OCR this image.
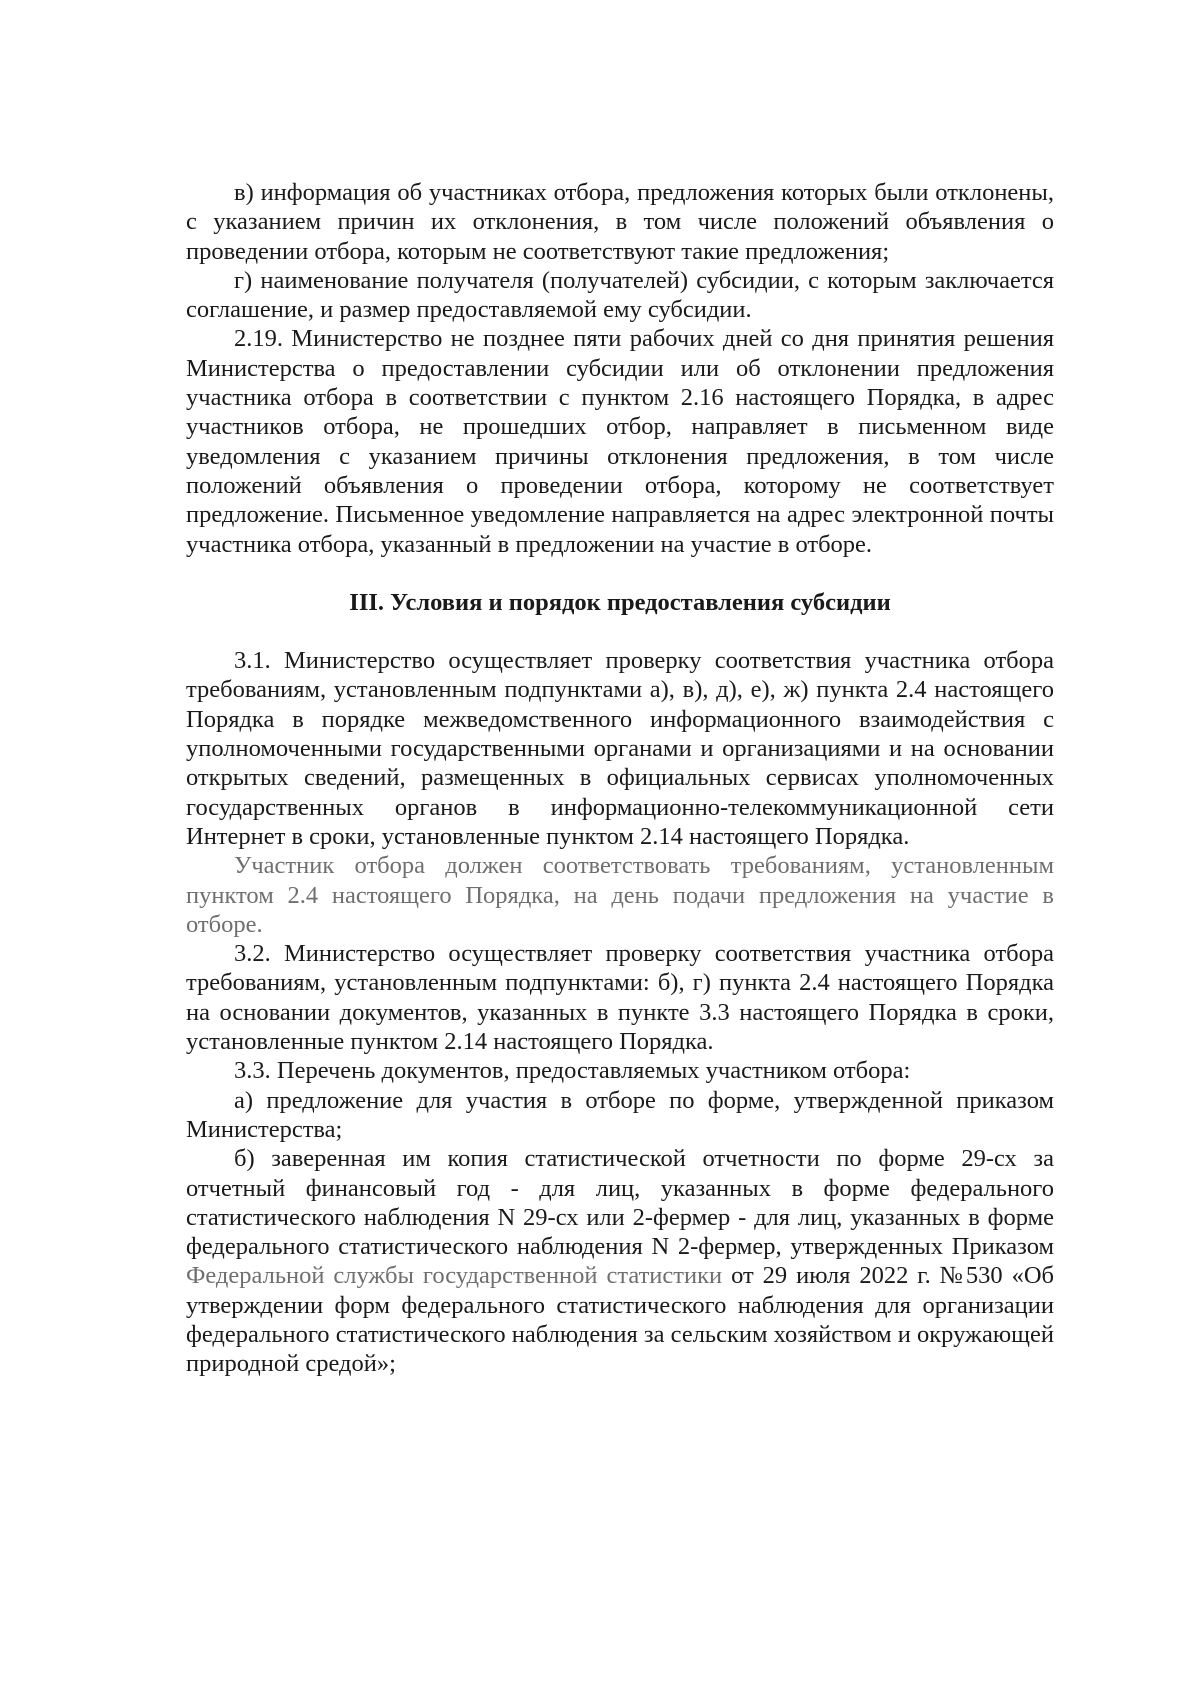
в) информация об участниках отбора, предложения которых были отклонены, с указанием причин их отклонения, в том числе положений объявления о проведении отбора, которым не соответствуют такие предложения;

г) наименование получателя (получателей) субсидии, с которым заключается соглашение, и размер предоставляемой ему субсидии.

2.19. Министерство не позднее пяти рабочих дней со дня принятия решения Министерства о предоставлении субсидии или об отклонении предложения участника отбора в соответствии с пунктом 2.16 настоящего Порядка, в адрес участников отбора, не прошедших отбор, направляет в письменном виде уведомления с указанием причины отклонения предложения, в том числе положений объявления о проведении отбора, которому не соответствует предложение. Письменное уведомление направляется на адрес электронной почты участника отбора, указанный в предложении на участие в отборе.

III. Условия и порядок предоставления субсидии

3.1. Министерство осуществляет проверку соответствия участника отбора требованиям, установленным подпунктами а), в), д), е), ж) пункта 2.4 настоящего Порядка в порядке межведомственного информационного взаимодействия с уполномоченными государственными органами и организациями и на основании открытых сведений, размещенных в официальных сервисах уполномоченных государственных органов в информационно-телекоммуникационной сети Интернет в сроки, установленные пунктом 2.14 настоящего Порядка.

Участник отбора должен соответствовать требованиям, установленным пунктом 2.4 настоящего Порядка, на день подачи предложения на участие в отборе.

3.2. Министерство осуществляет проверку соответствия участника отбора требованиям, установленным подпунктами: б), г) пункта 2.4 настоящего Порядка на основании документов, указанных в пункте 3.3 настоящего Порядка в сроки, установленные пунктом 2.14 настоящего Порядка.

3.3. Перечень документов, предоставляемых участником отбора:

а) предложение для участия в отборе по форме, утвержденной приказом Министерства;

б) заверенная им копия статистической отчетности по форме 29-сх за отчетный финансовый год - для лиц, указанных в форме федерального статистического наблюдения N 29-сх или 2-фермер - для лиц, указанных в форме федерального статистического наблюдения N 2-фермер, утвержденных Приказом Федеральной службы государственной статистики от 29 июля 2022 г. №530 «Об утверждении форм федерального статистического наблюдения для организации федерального статистического наблюдения за сельским хозяйством и окружающей природной средой»;
